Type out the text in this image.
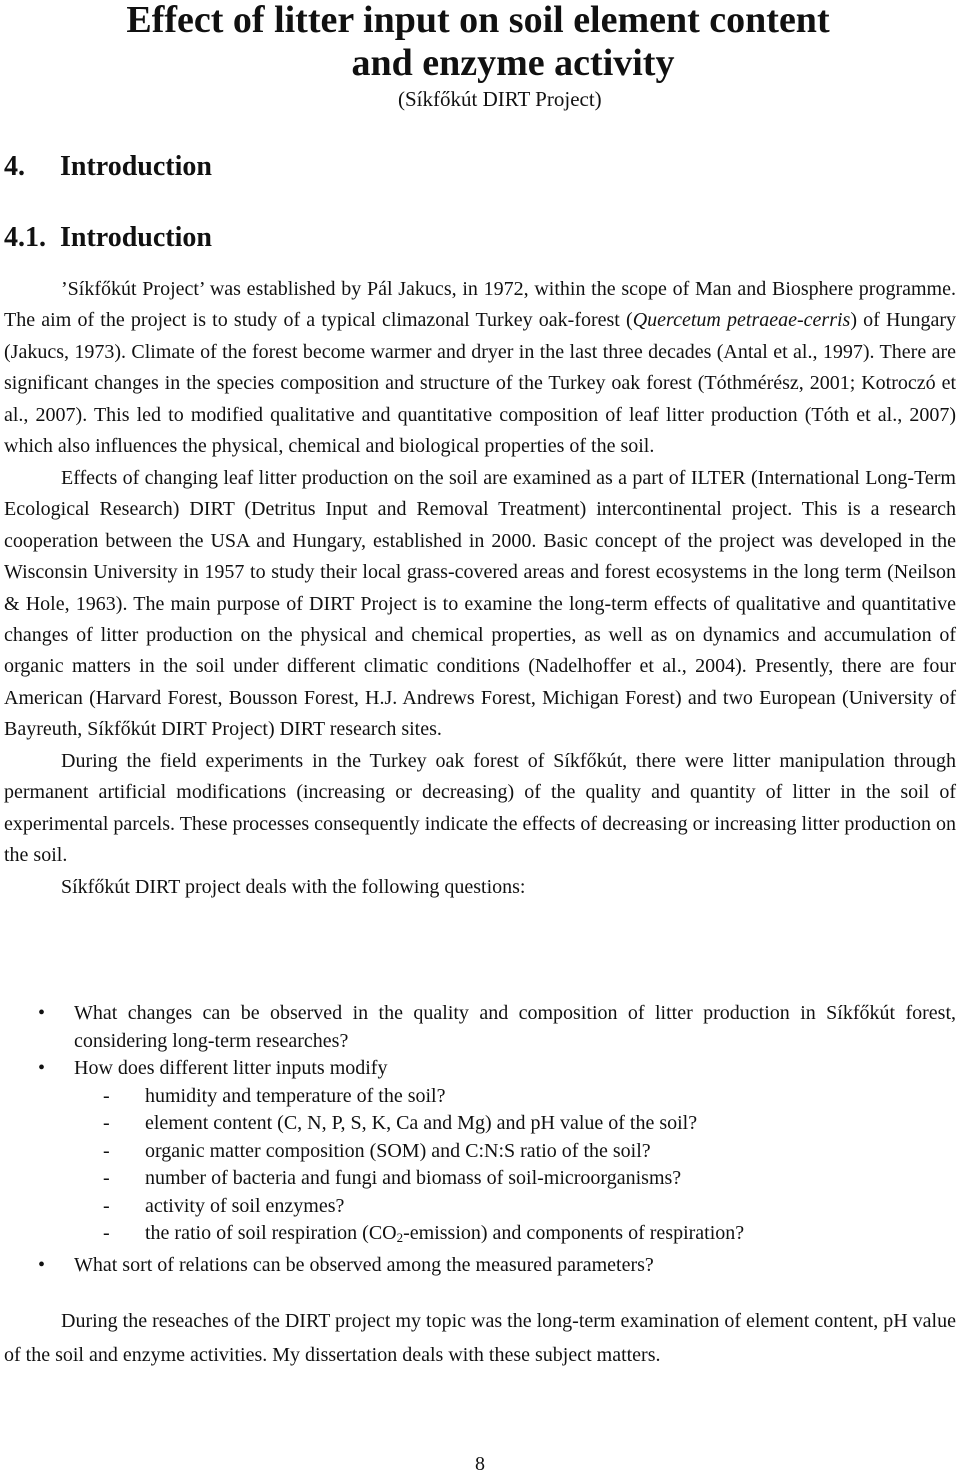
Effect of litter input on soil element content
and enzyme activity

(Síkfőkút DIRT Project)

4. Introduction
4.1. Introduction

’Síkfőkút Project’ was established by Pál Jakucs, in 1972, within the scope of Man and Biosphere programme. The aim of the project is to study of a typical climazonal Turkey oak-forest (Quercetum petraeae-cerris) of Hungary (Jakucs, 1973). Climate of the forest become warmer and dryer in the last three decades (Antal et al., 1997). There are significant changes in the species composition and structure of the Turkey oak forest (Tóthmérész, 2001; Kotroczó et al., 2007). This led to modified qualitative and quantitative composition of leaf litter production (Tóth et al., 2007) which also influences the physical, chemical and biological properties of the soil.

Effects of changing leaf litter production on the soil are examined as a part of ILTER (International Long-Term Ecological Research) DIRT (Detritus Input and Removal Treatment) intercontinental project. This is a research cooperation between the USA and Hungary, established in 2000. Basic concept of the project was developed in the Wisconsin University in 1957 to study their local grass-covered areas and forest ecosystems in the long term (Neilson & Hole, 1963). The main purpose of DIRT Project is to examine the long-term effects of qualitative and quantitative changes of litter production on the physical and chemical properties, as well as on dynamics and accumulation of organic matters in the soil under different climatic conditions (Nadelhoffer et al., 2004). Presently, there are four American (Harvard Forest, Bousson Forest, H.J. Andrews Forest, Michigan Forest) and two European (University of Bayreuth, Síkfőkút DIRT Project) DIRT research sites.

During the field experiments in the Turkey oak forest of Síkfőkút, there were litter manipulation through permanent artificial modifications (increasing or decreasing) of the quality and quantity of litter in the soil of experimental parcels. These processes consequently indicate the effects of decreasing or increasing litter production on the soil.

Síkfőkút DIRT project deals with the following questions:

• What changes can be observed in the quality and composition of litter production in Síkfőkút forest, considering long-term researches?

• How does different litter inputs modify

- humidity and temperature of the soil?

- element content (C, N, P, S, K, Ca and Mg) and pH value of the soil?

- organic matter composition (SOM) and C:N:S ratio of the soil?

- number of bacteria and fungi and biomass of soil-microorganisms?

- activity of soil enzymes?

- the ratio of soil respiration $(CO_2-emission)$ and components of respiration?

• What sort of relations can be observed among the measured parameters?

During the reseaches of the DIRT project my topic was the long-term examination of element content, pH value of the soil and enzyme activities. My dissertation deals with these subject matters.

8
